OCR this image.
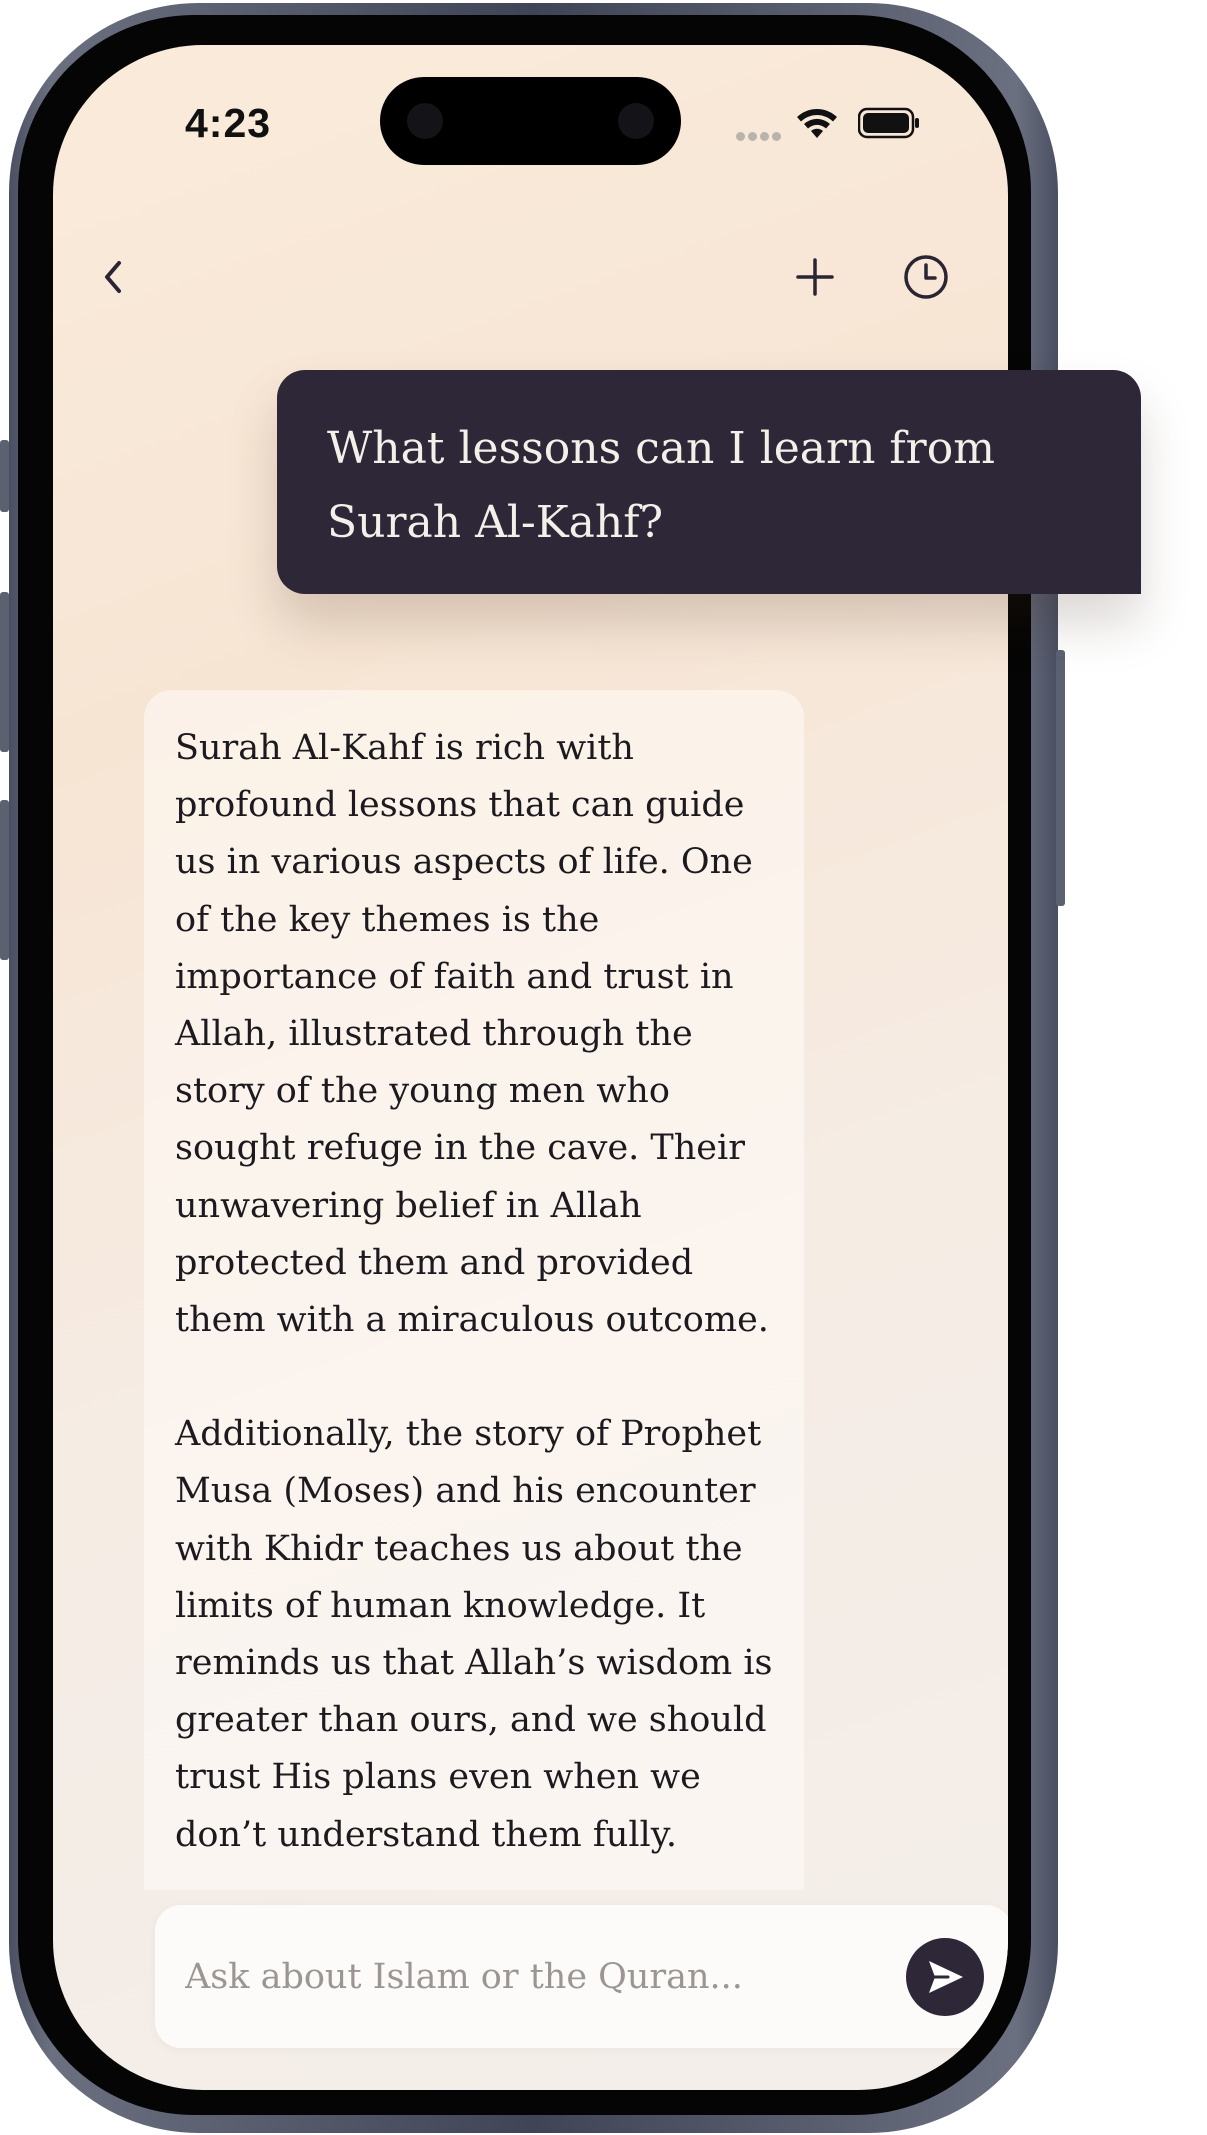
4:23

Surah Al-Kahf is rich with profound lessons that can guide us in various aspects of life. One of the key themes is the importance of faith and trust in Allah, illustrated through the story of the young men who sought refuge in the cave. Their unwavering belief in Allah protected them and provided them with a miraculous outcome.

Additionally, the story of Prophet Musa (Moses) and his encounter with Khidr teaches us about the limits of human knowledge. It reminds us that Allah’s wisdom is greater than ours, and we should trust His plans even when we don’t understand them fully.

Ask about Islam or the Quran...

What lessons can I learn from Surah Al-Kahf?
